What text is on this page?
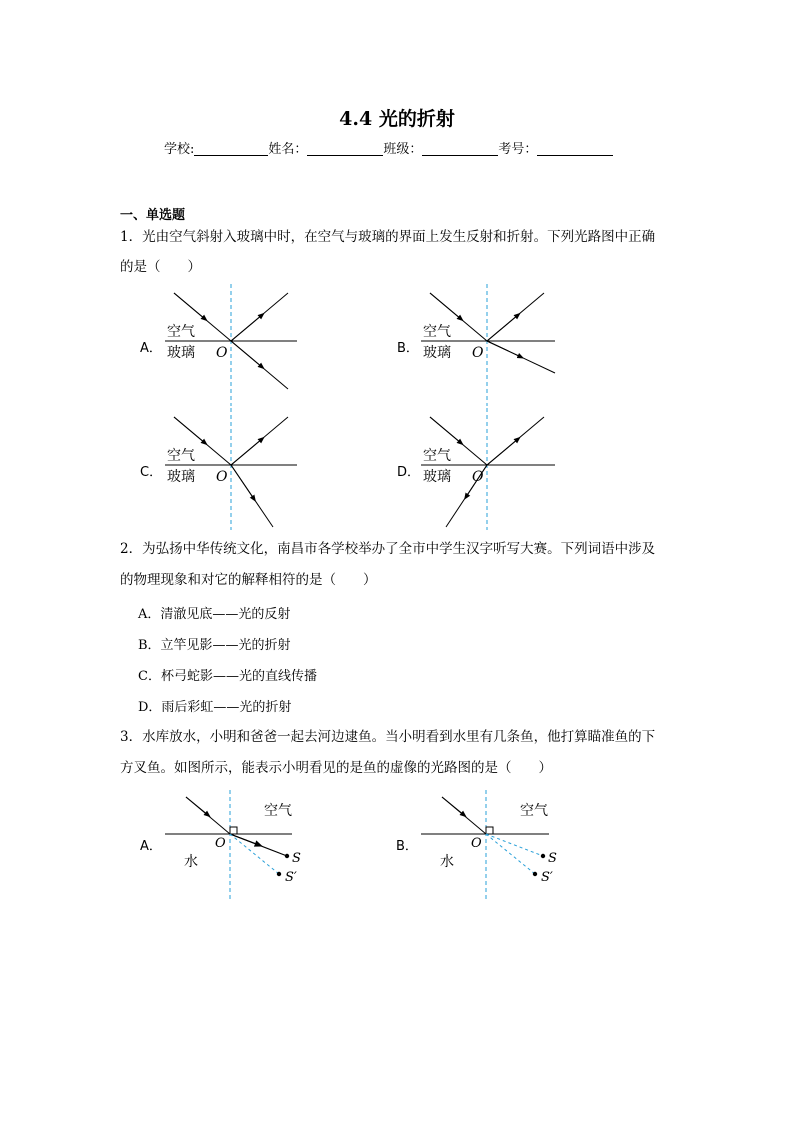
4.4 光的折射
学校:	姓名：	班级：	考号：
一、单选题
1．光由空气斜射入玻璃中时，在空气与玻璃的界面上发生反射和折射。下列光路图中正确
的是（　　）
空气
玻璃 O
A．
空气
玻璃 O
B．
空气
玻璃 O
C．
空气
玻璃 O
D．
2．为弘扬中华传统文化，南昌市各学校举办了全市中学生汉字听写大赛。下列词语中涉及
的物理现象和对它的解释相符的是（　　）
A．清澈见底——光的反射
B．立竿见影——光的折射
C．杯弓蛇影——光的直线传播
D．雨后彩虹——光的折射
3．水库放水，小明和爸爸一起去河边逮鱼。当小明看到水里有几条鱼，他打算瞄准鱼的下
方叉鱼。如图所示，能表示小明看见的是鱼的虚像的光路图的是（　　）
空气
水
O
S
S′
A．
空气
水
O
S
S′
B．
